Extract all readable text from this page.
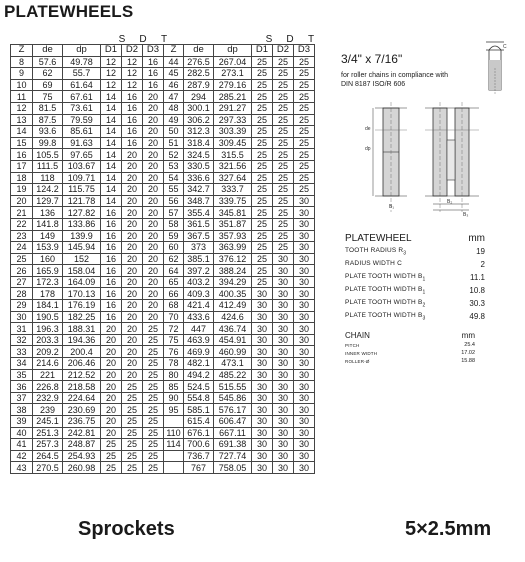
PLATEWHEELS
S	D	T	S	D	T
Z	de	dp	D1	D2	D3	Z	de	dp	D1	D2	D3
8	57.6	49.78	12	12	16	44	276.5	267.04	25	25	25
9	62	55.7	12	12	16	45	282.5	273.1	25	25	25
10	69	61.64	12	12	16	46	287.9	279.16	25	25	25
11	75	67.61	14	16	20	47	294	285.21	25	25	25
12	81.5	73.61	14	16	20	48	300.1	291.27	25	25	25
13	87.5	79.59	14	16	20	49	306.2	297.33	25	25	25
14	93.6	85.61	14	16	20	50	312.3	303.39	25	25	25
15	99.8	91.63	14	16	20	51	318.4	309.45	25	25	25
16	105.5	97.65	14	20	20	52	324.5	315.5	25	25	25
17	111.5	103.67	14	20	20	53	330.5	321.56	25	25	25
18	118	109.71	14	20	20	54	336.6	327.64	25	25	25
19	124.2	115.75	14	20	20	55	342.7	333.7	25	25	25
20	129.7	121.78	14	20	20	56	348.7	339.75	25	25	30
21	136	127.82	16	20	20	57	355.4	345.81	25	25	30
22	141.8	133.86	16	20	20	58	361.5	351.87	25	25	30
23	149	139.9	16	20	20	59	367.5	357.93	25	25	30
24	153.9	145.94	16	20	20	60	373	363.99	25	25	30
25	160	152	16	20	20	62	385.1	376.12	25	30	30
26	165.9	158.04	16	20	20	64	397.2	388.24	25	30	30
27	172.3	164.09	16	20	20	65	403.2	394.29	25	30	30
28	178	170.13	16	20	20	66	409.3	400.35	30	30	30
29	184.1	176.19	16	20	20	68	421.4	412.49	30	30	30
30	190.5	182.25	16	20	20	70	433.6	424.6	30	30	30
31	196.3	188.31	20	20	25	72	447	436.74	30	30	30
32	203.3	194.36	20	20	25	75	463.9	454.91	30	30	30
33	209.2	200.4	20	20	25	76	469.9	460.99	30	30	30
34	214.6	206.46	20	20	25	78	482.1	473.1	30	30	30
35	221	212.52	20	20	25	80	494.2	485.22	30	30	30
36	226.8	218.58	20	25	25	85	524.5	515.55	30	30	30
37	232.9	224.64	20	25	25	90	554.8	545.86	30	30	30
38	239	230.69	20	25	25	95	585.1	576.17	30	30	30
39	245.1	236.75	20	25	25		615.4	606.47	30	30	30
40	251.3	242.81	20	25	25	110	676.1	667.11	30	30	30
41	257.3	248.87	25	25	25	114	700.6	691.38	30	30	30
42	264.5	254.93	25	25	25		736.7	727.74	30	30	30
43	270.5	260.98	25	25	25		767	758.05	30	30	30
3/4" x 7/16"
for roller chains in compliance with
DIN 8187 ISO/R 606
C
de
dp
B₁
B₂
B₃
PLATEWHEEL	mm
TOOTH RADIUS $R_3$	19
RADIUS WIDTH C	2
PLATE TOOTH WIDTH $B_1$	11.1
PLATE TOOTH WIDTH $B_1$	10.8
PLATE TOOTH WIDTH $B_2$	30.3
PLATE TOOTH WIDTH $B_3$	49.8
CHAIN	mm
PITCH	25.4
INNER WIDTH	17.02
ROLLER-Ø	15.88
Sprockets	5×2.5mm
